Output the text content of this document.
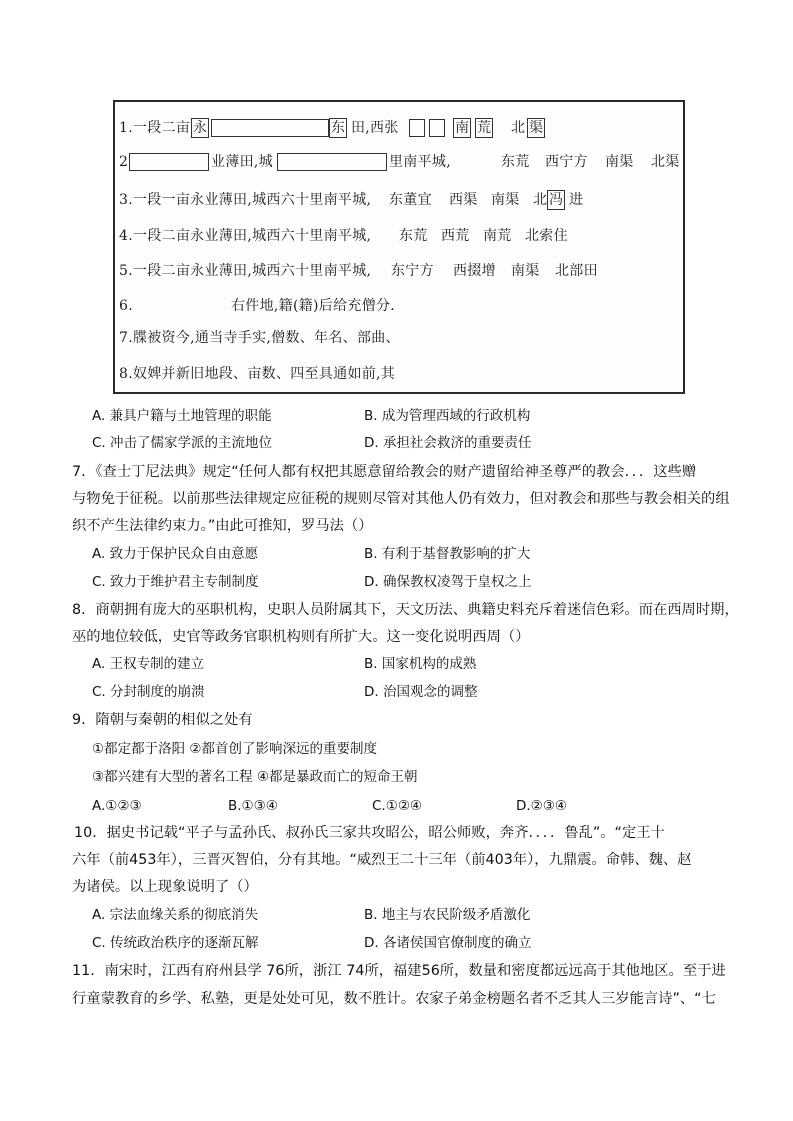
1. 一段二亩 永	东 田,西张	南 荒 北 渠
2	业薄田,城	里南平城,	东荒 西宁方 南渠 北渠
3.一段一亩永业薄田,城西六十里南平城, 东董宜 西渠 南渠 北 冯 进
4.一段二亩永业薄田,城西六十里南平城, 东荒 西荒 南荒 北索住
5.一段二亩永业薄田,城西六十里南平城, 东宁方 西掇增 南渠 北部田
6.	右件地,籍(籍)后给充僧分.
7.牒被资今,通当寺手实,僧数、年名、部曲、
8.奴婢并新旧地段、亩数、四至具通如前,其
A. 兼具户籍与土地管理的职能	B. 成为管理西域的行政机构
C. 冲击了儒家学派的主流地位	D. 承担社会救济的重要责任
7．《查士丁尼法典》规定“任何人都有权把其愿意留给教会的财产遗留给神圣尊严的教会．．．这些赠
与物免于征税。以前那些法律规定应征税的规则尽管对其他人仍有效力，但对教会和那些与教会相关的组
织不产生法律约束力。”由此可推知，罗马法（）
A. 致力于保护民众自由意愿	B. 有利于基督教影响的扩大
C. 致力于维护君主专制制度	D. 确保教权凌驾于皇权之上
8．商朝拥有庞大的巫职机构，史职人员附属其下，天文历法、典籍史料充斥着迷信色彩。而在西周时期，
巫的地位较低，史官等政务官职机构则有所扩大。这一变化说明西周（）
A. 王权专制的建立	B. 国家机构的成熟
C. 分封制度的崩溃	D. 治国观念的调整
9．隋朝与秦朝的相似之处有
①都定都于洛阳 ②都首创了影响深远的重要制度
③都兴建有大型的著名工程 ④都是暴政而亡的短命王朝
A.①②③	B.①③④	C.①②④	D.②③④
10．据史书记载“平子与孟孙氏、叔孙氏三家共攻昭公，昭公师败，奔齐．．．．鲁乱”。“定王十
六年（前453年），三晋灭智伯，分有其地。“威烈王二十三年（前403年），九鼎震。命韩、魏、赵
为诸侯。以上现象说明了（）
A. 宗法血缘关系的彻底消失	B. 地主与农民阶级矛盾激化
C. 传统政治秩序的逐渐瓦解	D. 各诸侯国官僚制度的确立
11．南宋时，江西有府州县学 76所，浙江 74所，福建56所，数量和密度都远远高于其他地区。至于进
行童蒙教育的乡学、私塾，更是处处可见，数不胜计。农家子弟金榜题名者不乏其人三岁能言诗”、“七
